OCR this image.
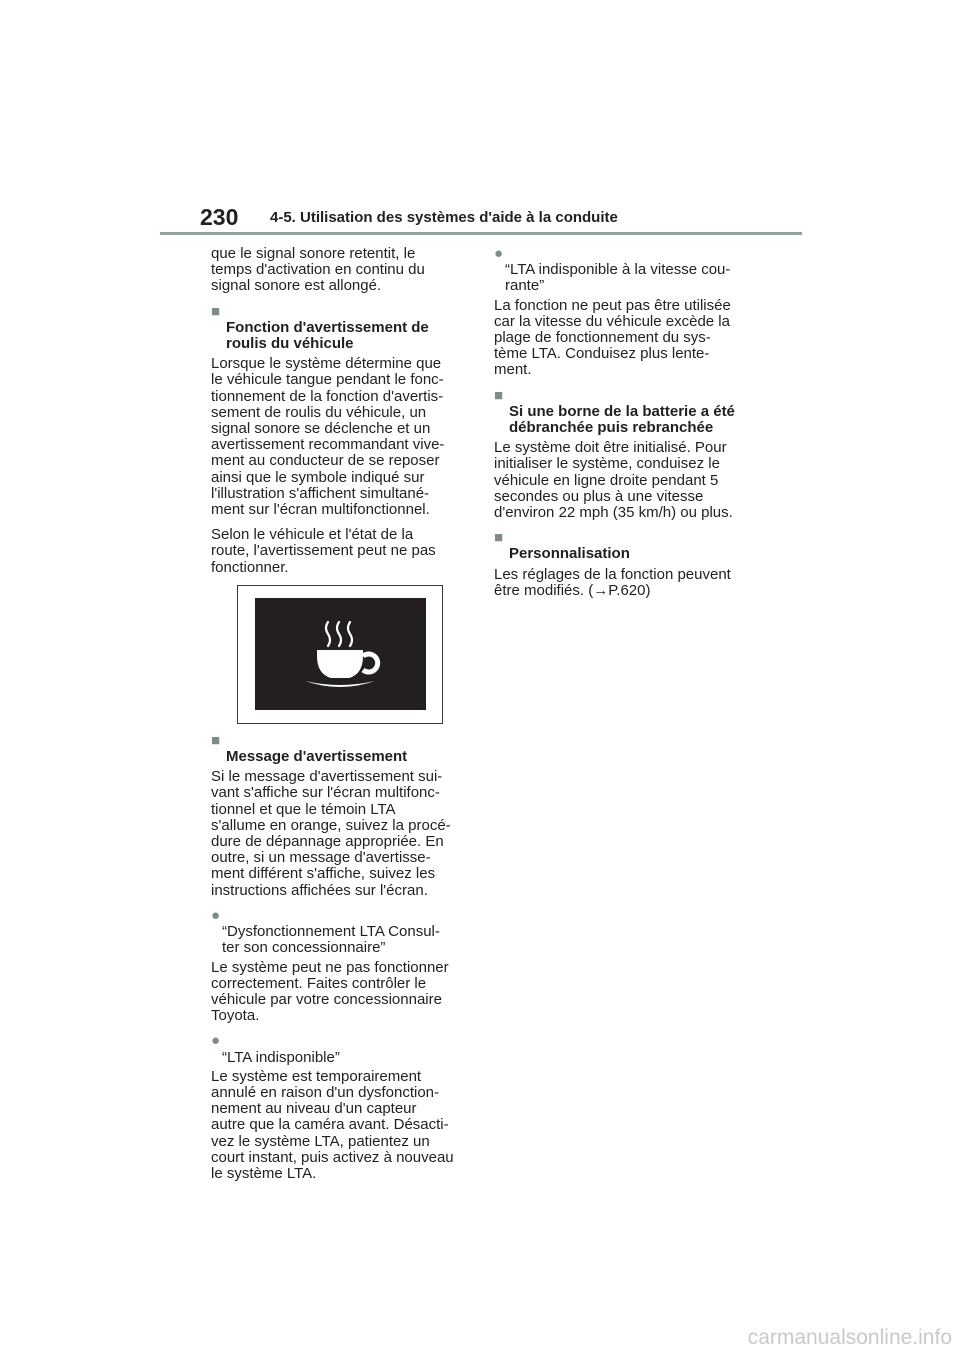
230 4-5. Utilisation des systèmes d'aide à la conduite

que le signal sonore retentit, le
temps d'activation en continu du
signal sonore est allongé.

■
Fonction d'avertissement de
roulis du véhicule

Lorsque le système détermine que
le véhicule tangue pendant le fonc-
tionnement de la fonction d'avertis-
sement de roulis du véhicule, un
signal sonore se déclenche et un
avertissement recommandant vive-
ment au conducteur de se reposer
ainsi que le symbole indiqué sur
l'illustration s'affichent simultané-
ment sur l'écran multifonctionnel.

Selon le véhicule et l'état de la
route, l'avertissement peut ne pas
fonctionner.

■
Message d'avertissement

Si le message d'avertissement sui-
vant s'affiche sur l'écran multifonc-
tionnel et que le témoin LTA
s'allume en orange, suivez la procé-
dure de dépannage appropriée. En
outre, si un message d'avertisse-
ment différent s'affiche, suivez les
instructions affichées sur l'écran.

●
“Dysfonctionnement LTA Consul-
ter son concessionnaire”

Le système peut ne pas fonctionner
correctement. Faites contrôler le
véhicule par votre concessionnaire
Toyota.

●
“LTA indisponible”

Le système est temporairement
annulé en raison d'un dysfonction-
nement au niveau d'un capteur
autre que la caméra avant. Désacti-
vez le système LTA, patientez un
court instant, puis activez à nouveau
le système LTA.

●
“LTA indisponible à la vitesse cou-
rante”

La fonction ne peut pas être utilisée
car la vitesse du véhicule excède la
plage de fonctionnement du sys-
tème LTA. Conduisez plus lente-
ment.

■
Si une borne de la batterie a été
débranchée puis rebranchée

Le système doit être initialisé. Pour
initialiser le système, conduisez le
véhicule en ligne droite pendant 5
secondes ou plus à une vitesse
d'environ 22 mph (35 km/h) ou plus.

■
Personnalisation

Les réglages de la fonction peuvent
être modifiés. (→P.620)

carmanualsonline.info
